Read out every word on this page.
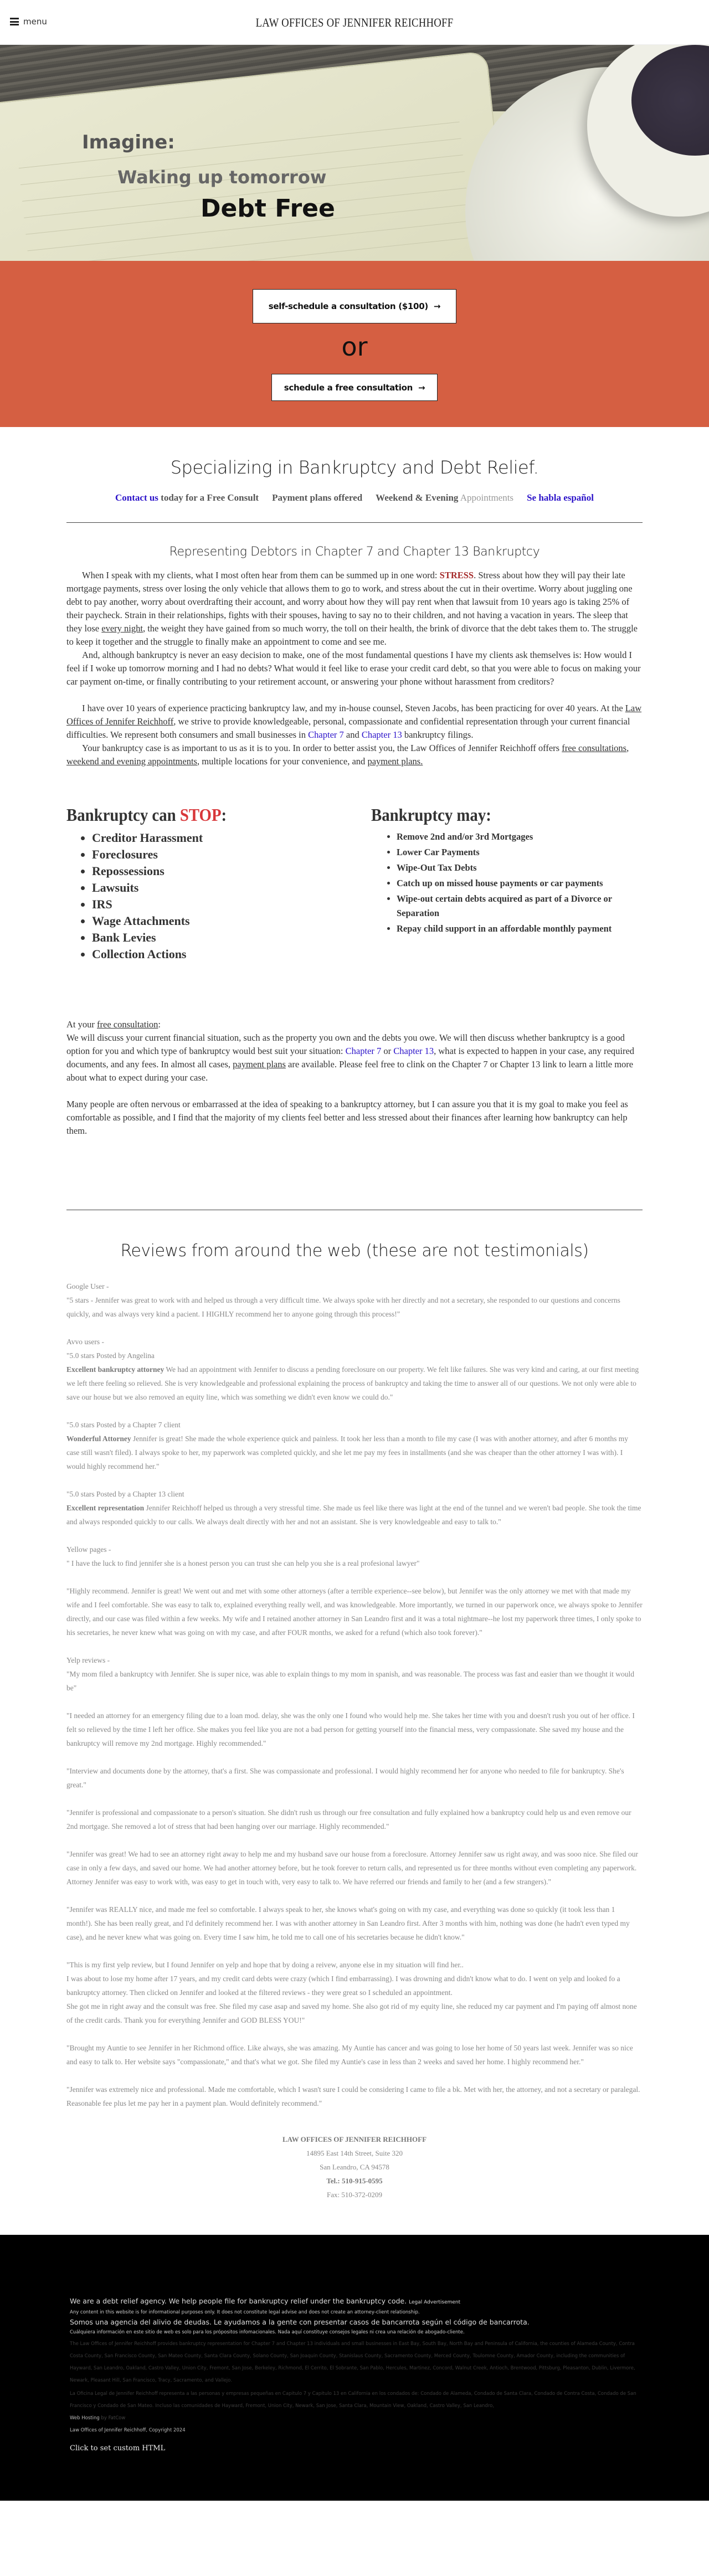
menu	LAW OFFICES OF JENNIFER REICHHOFF
Imagine:
Waking up tomorrow
Debt Free
self-schedule a consultation ($100) →
or
schedule a free consultation →
Specializing in Bankruptcy and Debt Relief.
Contact us today for a Free Consult Payment plans offered Weekend & Evening Appointments Se habla español
Representing Debtors in Chapter 7 and Chapter 13 Bankruptcy

When I speak with my clients, what I most often hear from them can be summed up in one word: STRESS. Stress about how they will pay their late mortgage payments, stress over losing the only vehicle that allows them to go to work, and stress about the cut in their overtime. Worry about juggling one debt to pay another, worry about overdrafting their account, and worry about how they will pay rent when that lawsuit from 10 years ago is taking 25% of their paycheck. Strain in their relationships, fights with their spouses, having to say no to their children, and not having a vacation in years. The sleep that they lose every night, the weight they have gained from so much worry, the toll on their health, the brink of divorce that the debt takes them to. The struggle to keep it together and the struggle to finally make an appointment to come and see me.

And, although bankruptcy is never an easy decision to make, one of the most fundamental questions I have my clients ask themselves is: How would I feel if I woke up tomorrow morning and I had no debts? What would it feel like to erase your credit card debt, so that you were able to focus on making your car payment on-time, or finally contributing to your retirement account, or answering your phone without harassment from creditors?

I have over 10 years of experience practicing bankruptcy law, and my in-house counsel, Steven Jacobs, has been practicing for over 40 years. At the Law Offices of Jennifer Reichhoff, we strive to provide knowledgeable, personal, compassionate and confidential representation through your current financial difficulties. We represent both consumers and small businesses in Chapter 7 and Chapter 13 bankruptcy filings.

Your bankruptcy case is as important to us as it is to you. In order to better assist you, the Law Offices of Jennifer Reichhoff offers free consultations, weekend and evening appointments, multiple locations for your convenience, and payment plans.

Bankruptcy can STOP:
• Creditor Harassment
• Foreclosures
• Repossessions
• Lawsuits
• IRS
• Wage Attachments
• Bank Levies
• Collection Actions
Bankruptcy may:
• Remove 2nd and/or 3rd Mortgages
• Lower Car Payments
• Wipe-Out Tax Debts
• Catch up on missed house payments or car payments
• Wipe-out certain debts acquired as part of a Divorce or Separation
• Repay child support in an affordable monthly payment

At your free consultation:

We will discuss your current financial situation, such as the property you own and the debts you owe. We will then discuss whether bankruptcy is a good option for you and which type of bankruptcy would best suit your situation: Chapter 7 or Chapter 13, what is expected to happen in your case, any required documents, and any fees. In almost all cases, payment plans are available. Please feel free to clink on the Chapter 7 or Chapter 13 link to learn a little more about what to expect during your case.

Many people are often nervous or embarrassed at the idea of speaking to a bankruptcy attorney, but I can assure you that it is my goal to make you feel as comfortable as possible, and I find that the majority of my clients feel better and less stressed about their finances after learning how bankruptcy can help them.

Reviews from around the web (these are not testimonials)
Google User -
"5 stars - Jennifer was great to work with and helped us through a very difficult time. We always spoke with her directly and not a secretary, she responded to our questions and concerns quickly, and was always very kind a pacient. I HIGHLY recommend her to anyone going through this process!"
Avvo users -
"5.0 stars Posted by Angelina
Excellent bankruptcy attorney We had an appointment with Jennifer to discuss a pending foreclosure on our property. We felt like failures. She was very kind and caring, at our first meeting we left there feeling so relieved. She is very knowledgeable and professional explaining the process of bankruptcy and taking the time to answer all of our questions. We not only were able to save our house but we also removed an equity line, which was something we didn't even know we could do."
"5.0 stars Posted by a Chapter 7 client
Wonderful Attorney Jennifer is great! She made the whole experience quick and painless. It took her less than a month to file my case (I was with another attorney, and after 6 months my case still wasn't filed). I always spoke to her, my paperwork was completed quickly, and she let me pay my fees in installments (and she was cheaper than the other attorney I was with). I would highly recommend her."
"5.0 stars Posted by a Chapter 13 client
Excellent representation Jennifer Reichhoff helped us through a very stressful time. She made us feel like there was light at the end of the tunnel and we weren't bad people. She took the time and always responded quickly to our calls. We always dealt directly with her and not an assistant. She is very knowledgeable and easy to talk to."
Yellow pages -
" I have the luck to find jennifer she is a honest person you can trust she can help you she is a real profesional lawyer"
"Highly recommend. Jennifer is great! We went out and met with some other attorneys (after a terrible experience--see below), but Jennifer was the only attorney we met with that made my wife and I feel comfortable. She was easy to talk to, explained everything really well, and was knowledgeable. More importantly, we turned in our paperwork once, we always spoke to Jennifer directly, and our case was filed within a few weeks. My wife and I retained another attorney in San Leandro first and it was a total nightmare--he lost my paperwork three times, I only spoke to his secretaries, he never knew what was going on with my case, and after FOUR months, we asked for a refund (which also took forever)."
Yelp reviews -
"My mom filed a bankruptcy with Jennifer. She is super nice, was able to explain things to my mom in spanish, and was reasonable. The process was fast and easier than we thought it would be"
"I needed an attorney for an emergency filing due to a loan mod. delay, she was the only one I found who would help me. She takes her time with you and doesn't rush you out of her office. I felt so relieved by the time I left her office. She makes you feel like you are not a bad person for getting yourself into the financial mess, very compassionate. She saved my house and the bankruptcy will remove my 2nd mortgage. Highly recommended."
"Interview and documents done by the attorney, that's a first. She was compassionate and professional. I would highly recommend her for anyone who needed to file for bankruptcy. She's great."
"Jennifer is professional and compassionate to a person's situation. She didn't rush us through our free consultation and fully explained how a bankruptcy could help us and even remove our 2nd mortgage. She removed a lot of stress that had been hanging over our marriage. Highly recommended."
"Jennifer was great! We had to see an attorney right away to help me and my husband save our house from a foreclosure. Attorney Jennifer saw us right away, and was sooo nice. She filed our case in only a few days, and saved our home. We had another attorney before, but he took forever to return calls, and represented us for three months without even completing any paperwork. Attorney Jennifer was easy to work with, was easy to get in touch with, very easy to talk to. We have referred our friends and family to her (and a few strangers)."
"Jennifer was REALLY nice, and made me feel so comfortable. I always speak to her, she knows what's going on with my case, and everything was done so quickly (it took less than 1 month!). She has been really great, and I'd definitely recommend her. I was with another attorney in San Leandro first. After 3 months with him, nothing was done (he hadn't even typed my case), and he never knew what was going on. Every time I saw him, he told me to call one of his secretaries because he didn't know."
"This is my first yelp review, but I found Jennifer on yelp and hope that by doing a reivew, anyone else in my situation will find her..
I was about to lose my home after 17 years, and my credit card debts were crazy (which I find embarrassing). I was drowning and didn't know what to do. I went on yelp and looked fo a bankruptcy attorney. Then clicked on Jennifer and looked at the filtered reviews - they were great so I scheduled an appointment.
She got me in right away and the consult was free. She filed my case asap and saved my home. She also got rid of my equity line, she reduced my car payment and I'm paying off almost none of the credit cards. Thank you for everything Jennifer and GOD BLESS YOU!"
"Brought my Auntie to see Jennifer in her Richmond office. Like always, she was amazing. My Auntie has cancer and was going to lose her home of 50 years last week. Jennifer was so nice and easy to talk to. Her website says "compassionate," and that's what we got. She filed my Auntie's case in less than 2 weeks and saved her home. I highly recommend her."
"Jennifer was extremely nice and professional. Made me comfortable, which I wasn't sure I could be considering I came to file a bk. Met with her, the attorney, and not a secretary or paralegal. Reasonable fee plus let me pay her in a payment plan. Would definitely recommend."
LAW OFFICES OF JENNIFER REICHHOFF
14895 East 14th Street, Suite 320
San Leandro, CA 94578
Tel.: 510-915-0595
Fax: 510-372-0209
We are a debt relief agency. We help people file for bankruptcy relief under the bankruptcy code. Legal Advertisement
Any content in this website is for informational purposes only. It does not constitute legal advise and does not create an attorney-client relationship.
Somos una agencia del alivio de deudas. Le ayudamos a la gente con presentar casos de bancarrota según el código de bancarrota.
Cuálquiera información en este sitio de web es solo para los própositos infomacionales. Nada aquí constituye consejos legales ni crea una relación de abogado-cliente.
The Law Offices of Jennifer Reichhoff provides bankruptcy representation for Chapter 7 and Chapter 13 individuals and small businesses in East Bay, South Bay, North Bay and Peninsula of California, the counties of Alameda County, Contra Costa County, San Francisco County, San Mateo County, Santa Clara County, Solano County, San Joaquin County, Stanislaus County, Sacramento County, Merced County, Toulomne County, Amador County, including the communities of Hayward, San Leandro, Oakland, Castro Valley, Union City, Fremont, San Jose, Berkeley, Richmond, El Cerrito, El Sobrante, San Pablo, Hercules, Martinez, Concord, Walnut Creek, Antioch, Brentwood, Pittsburg, Pleasanton, Dublin, Livermore, Newark, Pleasant Hill, San Francisco, Tracy, Sacramento, and Vallejo.
La Oficina Legal de Jennifer Reichhoff representa a las personas y empresas pequeñas en Capitulo 7 y Capitulo 13 en California en los condados de: Condado de Alameda, Condado de Santa Clara, Condado de Contra Costa, Condado de San Francisco y Condado de San Mateo. Incluso las comunidades de Hayward, Fremont, Union City, Newark, San Jose, Santa Clara, Mountain View, Oakland, Castro Valley, San Leandro,
Web Hosting by FatCow
Law Offices of Jennifer Reichhoff, Copyright 2024
Click to set custom HTML
